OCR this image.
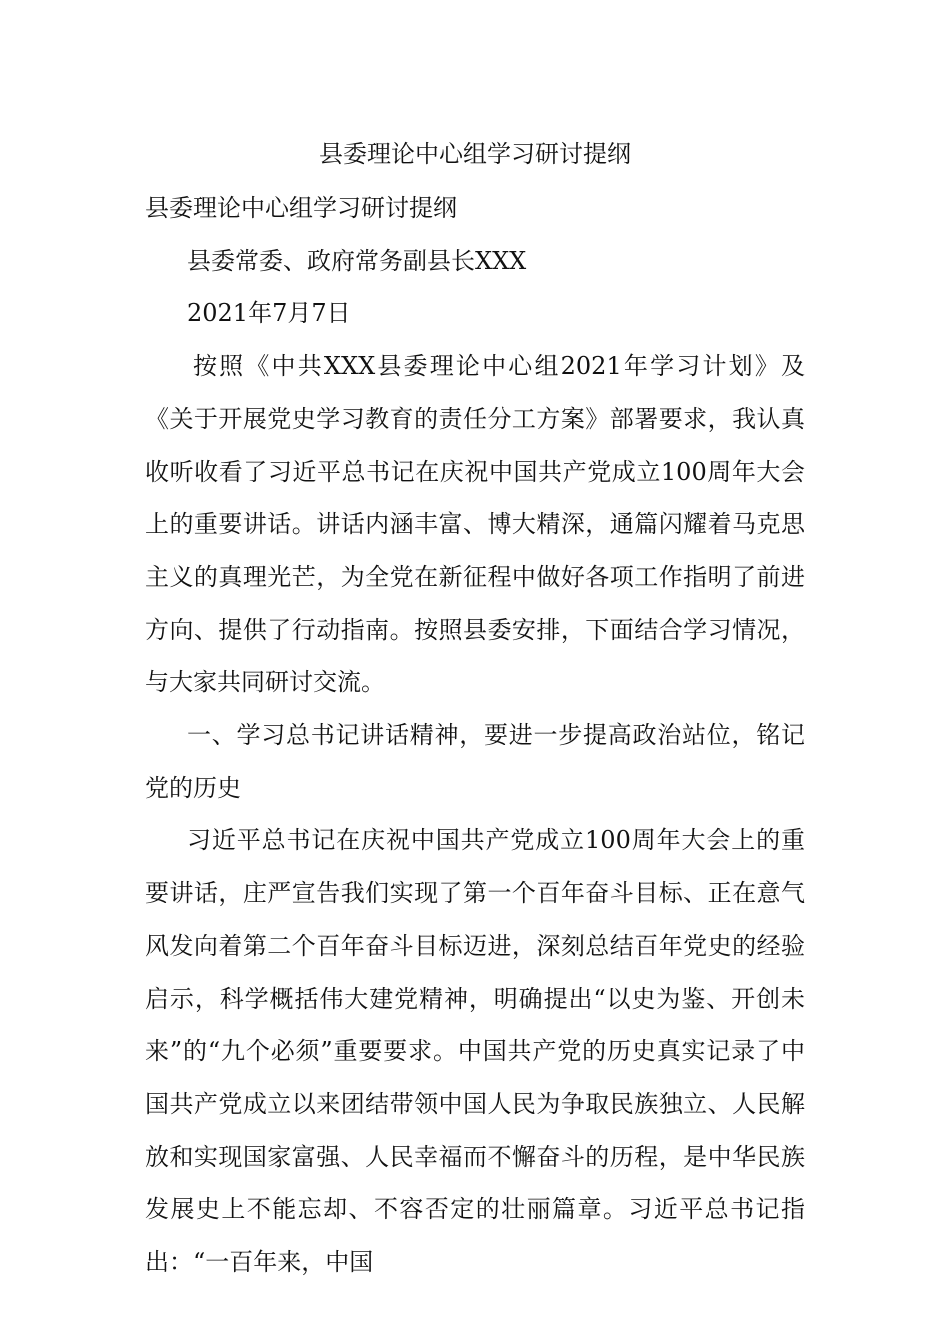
县委理论中心组学习研讨提纲

县委理论中心组学习研讨提纲

县委常委、政府常务副县长XXX

2021年7月7日

按照《中共XXX县委理论中心组2021年学习计划》及《关于开展党史学习教育的责任分工方案》部署要求，我认真收听收看了习近平总书记在庆祝中国共产党成立100周年大会上的重要讲话。讲话内涵丰富、博大精深，通篇闪耀着马克思主义的真理光芒，为全党在新征程中做好各项工作指明了前进方向、提供了行动指南。按照县委安排，下面结合学习情况，与大家共同研讨交流。

一、学习总书记讲话精神，要进一步提高政治站位，铭记党的历史

习近平总书记在庆祝中国共产党成立100周年大会上的重要讲话，庄严宣告我们实现了第一个百年奋斗目标、正在意气风发向着第二个百年奋斗目标迈进，深刻总结百年党史的经验启示，科学概括伟大建党精神，明确提出“以史为鉴、开创未来”的“九个必须”重要要求。中国共产党的历史真实记录了中国共产党成立以来团结带领中国人民为争取民族独立、人民解放和实现国家富强、人民幸福而不懈奋斗的历程，是中华民族发展史上不能忘却、不容否定的壮丽篇章。习近平总书记指出：“一百年来，中国
